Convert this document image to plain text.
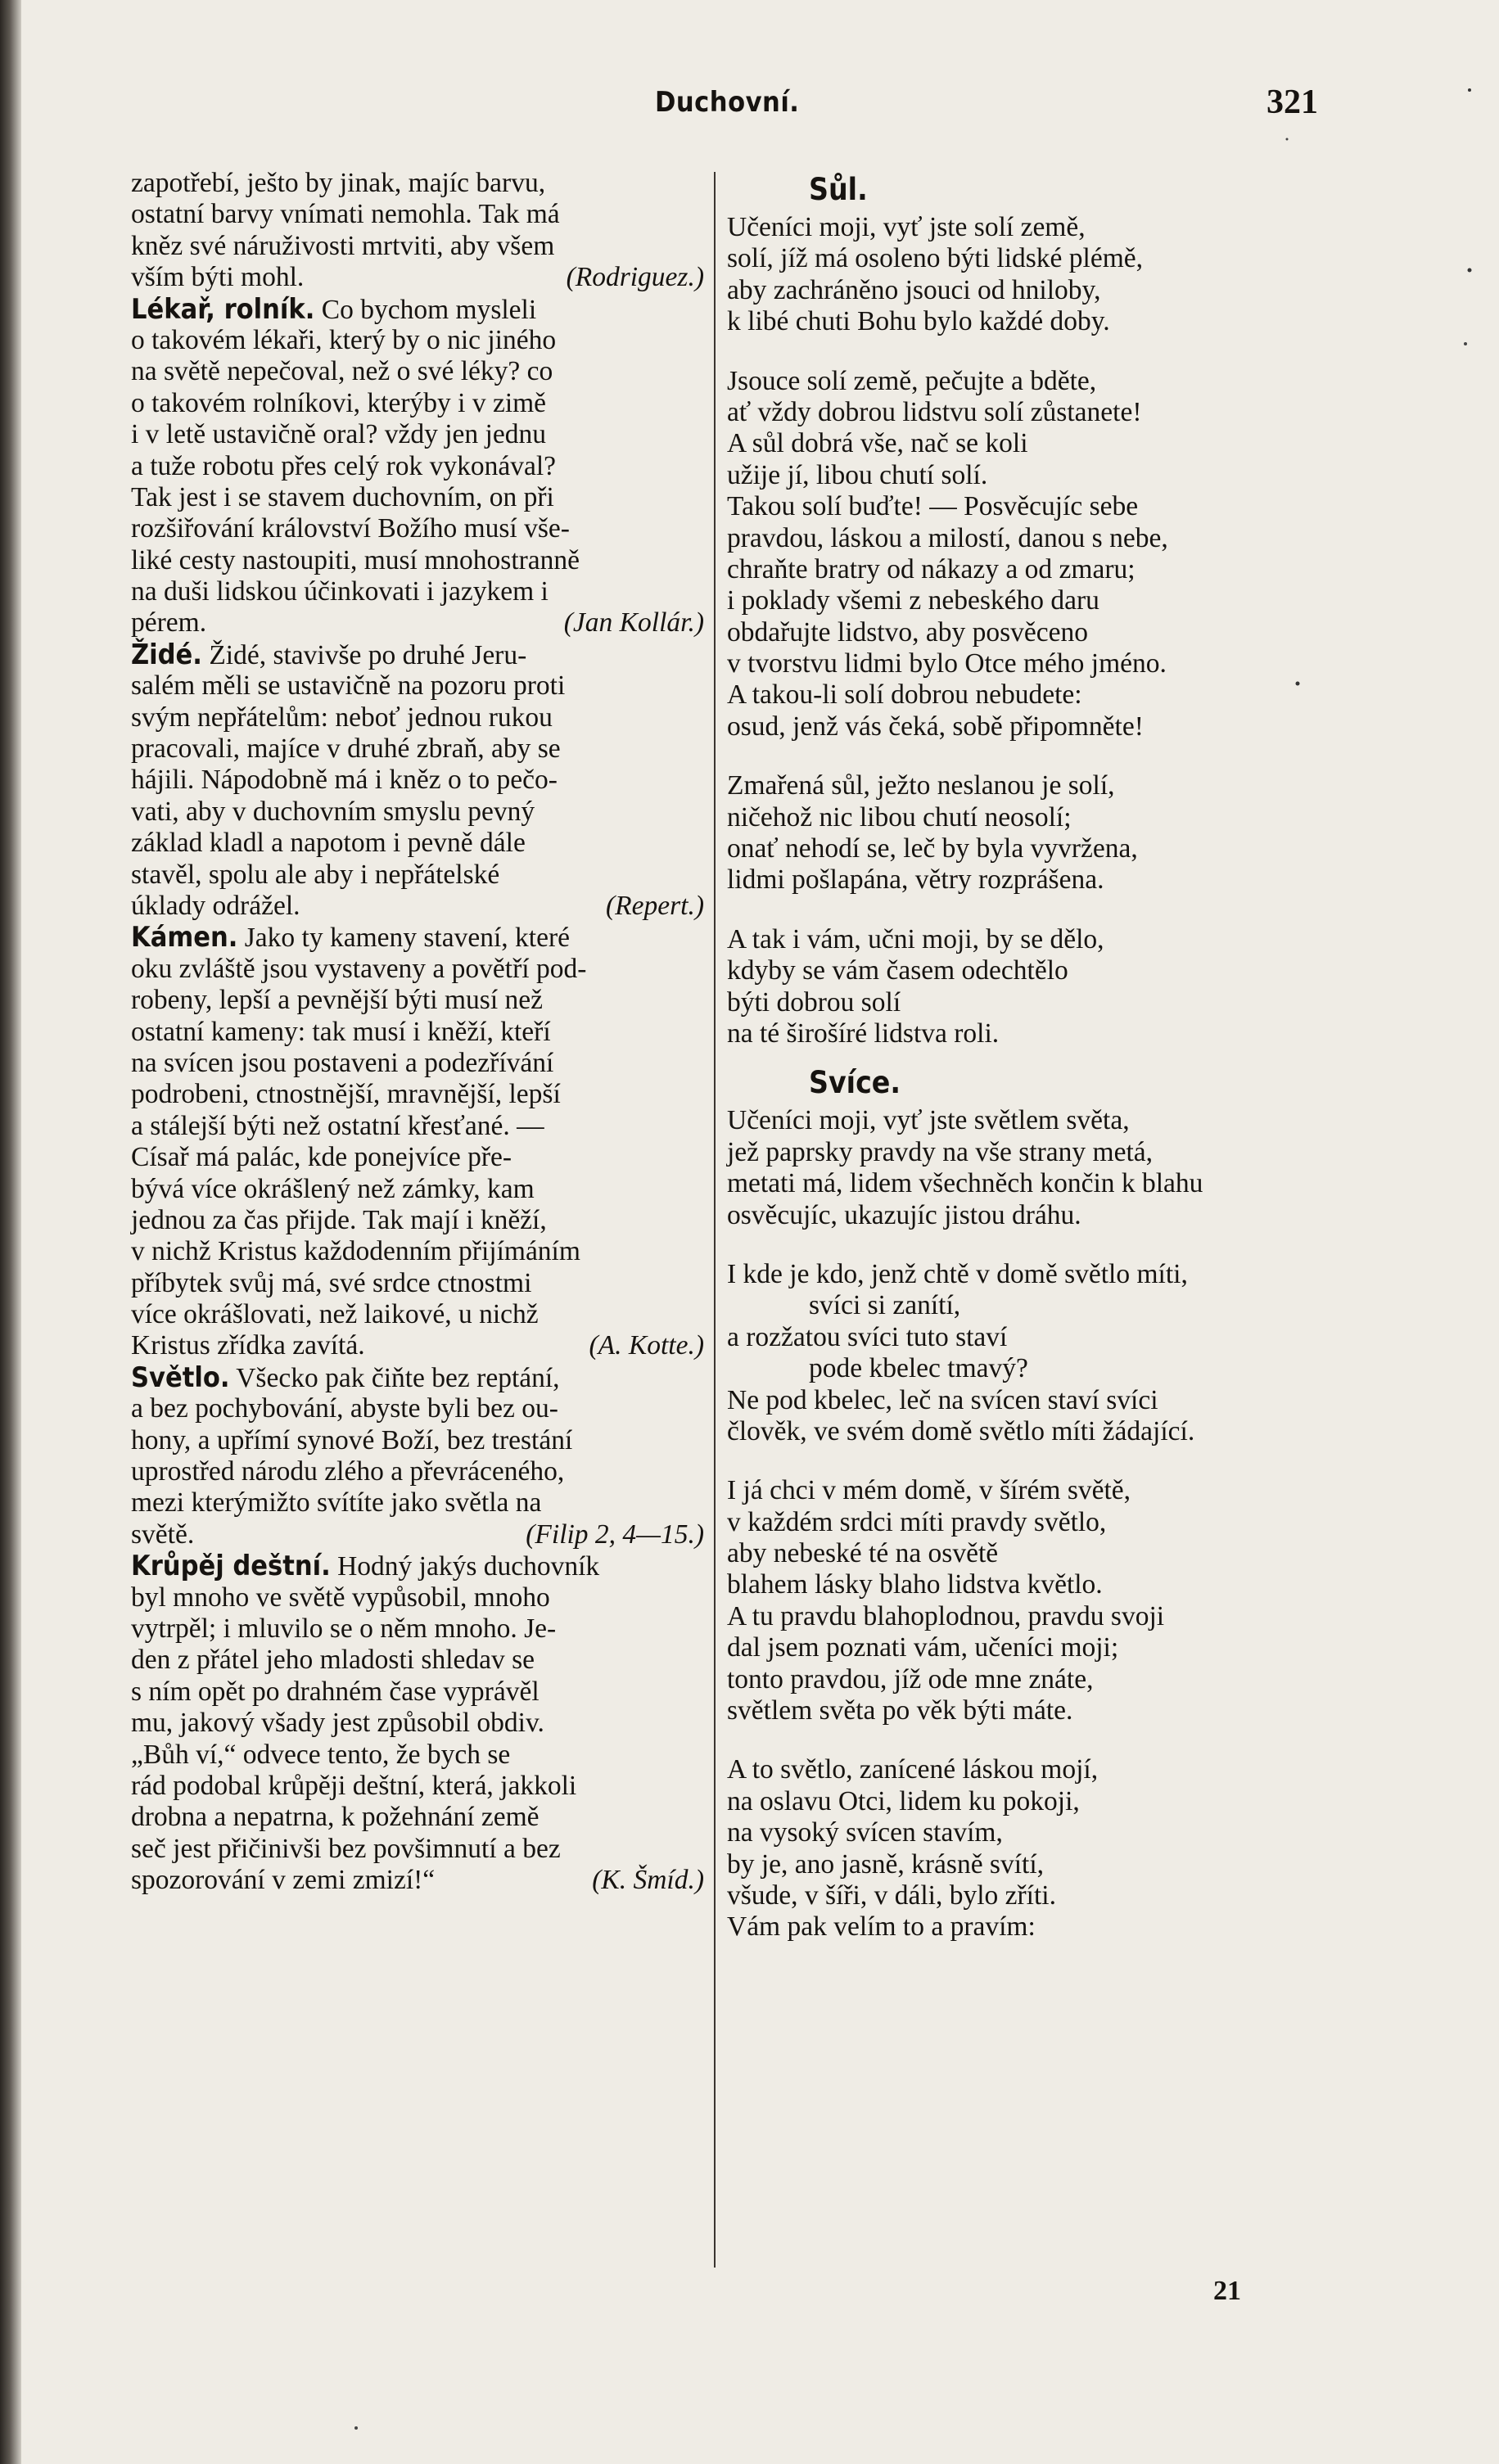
Duchovní.	321
zapotřebí, ješto by jinak, majíc barvu,
ostatní barvy vnímati nemohla. Tak má
kněz své náruživosti mrtviti, aby všem
vším býti mohl.	(Rodriguez.)
Lékař, rolník. Co bychom mysleli
o takovém lékaři, který by o nic jiného
na světě nepečoval, než o své léky? co
o takovém rolníkovi, kterýby i v zimě
i v letě ustavičně oral? vždy jen jednu
a tuže robotu přes celý rok vykonával?
Tak jest i se stavem duchovním, on při
rozšiřování království Božího musí vše-
liké cesty nastoupiti, musí mnohostranně
na duši lidskou účinkovati i jazykem i
pérem.	(Jan Kollár.)
Židé. Židé, stavivše po druhé Jeru-
salém měli se ustavičně na pozoru proti
svým nepřátelům: neboť jednou rukou
pracovali, majíce v druhé zbraň, aby se
hájili. Nápodobně má i kněz o to pečo-
vati, aby v duchovním smyslu pevný
základ kladl a napotom i pevně dále
stavěl, spolu ale aby i nepřátelské
úklady odrážel.	(Repert.)
Kámen. Jako ty kameny stavení, které
oku zvláště jsou vystaveny a povětří pod-
robeny, lepší a pevnější býti musí než
ostatní kameny: tak musí i kněží, kteří
na svícen jsou postaveni a podezřívání
podrobeni, ctnostnější, mravnější, lepší
a stálejší býti než ostatní křesťané. —
Císař má palác, kde ponejvíce pře-
bývá více okrášlený než zámky, kam
jednou za čas přijde. Tak mají i kněží,
v nichž Kristus každodenním přijímáním
příbytek svůj má, své srdce ctnostmi
více okrášlovati, než laikové, u nichž
Kristus zřídka zavítá.	(A. Kotte.)
Světlo. Všecko pak čiňte bez reptání,
a bez pochybování, abyste byli bez ou-
hony, a upřímí synové Boží, bez trestání
uprostřed národu zlého a převráceného,
mezi kterýmižto svítíte jako světla na
světě.	(Filip 2, 4—15.)
Krůpěj deštní. Hodný jakýs duchovník
byl mnoho ve světě vypůsobil, mnoho
vytrpěl; i mluvilo se o něm mnoho. Je-
den z přátel jeho mladosti shledav se
s ním opět po drahném čase vyprávěl
mu, jakový všady jest způsobil obdiv.
„Bůh ví,“ odvece tento, že bych se
rád podobal krůpěji deštní, která, jakkoli
drobna a nepatrna, k požehnání země
seč jest přičinivši bez povšimnutí a bez
spozorování v zemi zmizí!“	(K. Šmíd.)
Sůl.
Učeníci moji, vyť jste solí země,
solí, jíž má osoleno býti lidské plémě,
aby zachráněno jsouci od hniloby,
k libé chuti Bohu bylo každé doby.
Jsouce solí země, pečujte a bděte,
ať vždy dobrou lidstvu solí zůstanete!
A sůl dobrá vše, nač se koli
užije jí, libou chutí solí.
Takou solí buďte! — Posvěcujíc sebe
pravdou, láskou a milostí, danou s nebe,
chraňte bratry od nákazy a od zmaru;
i poklady všemi z nebeského daru
obdařujte lidstvo, aby posvěceno
v tvorstvu lidmi bylo Otce mého jméno.
A takou-li solí dobrou nebudete:
osud, jenž vás čeká, sobě připomněte!
Zmařená sůl, ježto neslanou je solí,
ničehož nic libou chutí neosolí;
onať nehodí se, leč by byla vyvržena,
lidmi pošlapána, větry rozprášena.
A tak i vám, učni moji, by se dělo,
kdyby se vám časem odechtělo
býti dobrou solí
na té širošíré lidstva roli.
Svíce.
Učeníci moji, vyť jste světlem světa,
jež paprsky pravdy na vše strany metá,
metati má, lidem všechněch končin k blahu
osvěcujíc, ukazujíc jistou dráhu.
I kde je kdo, jenž chtě v domě světlo míti,
svíci si zanítí,
a rozžatou svíci tuto staví
pode kbelec tmavý?
Ne pod kbelec, leč na svícen staví svíci
člověk, ve svém domě světlo míti žádající.
I já chci v mém domě, v šírém světě,
v každém srdci míti pravdy světlo,
aby nebeské té na osvětě
blahem lásky blaho lidstva květlo.
A tu pravdu blahoplodnou, pravdu svoji
dal jsem poznati vám, učeníci moji;
tonto pravdou, jíž ode mne znáte,
světlem světa po věk býti máte.
A to světlo, zanícené láskou mojí,
na oslavu Otci, lidem ku pokoji,
na vysoký svícen stavím,
by je, ano jasně, krásně svítí,
všude, v šíři, v dáli, bylo zříti.
Vám pak velím to a pravím:
21
